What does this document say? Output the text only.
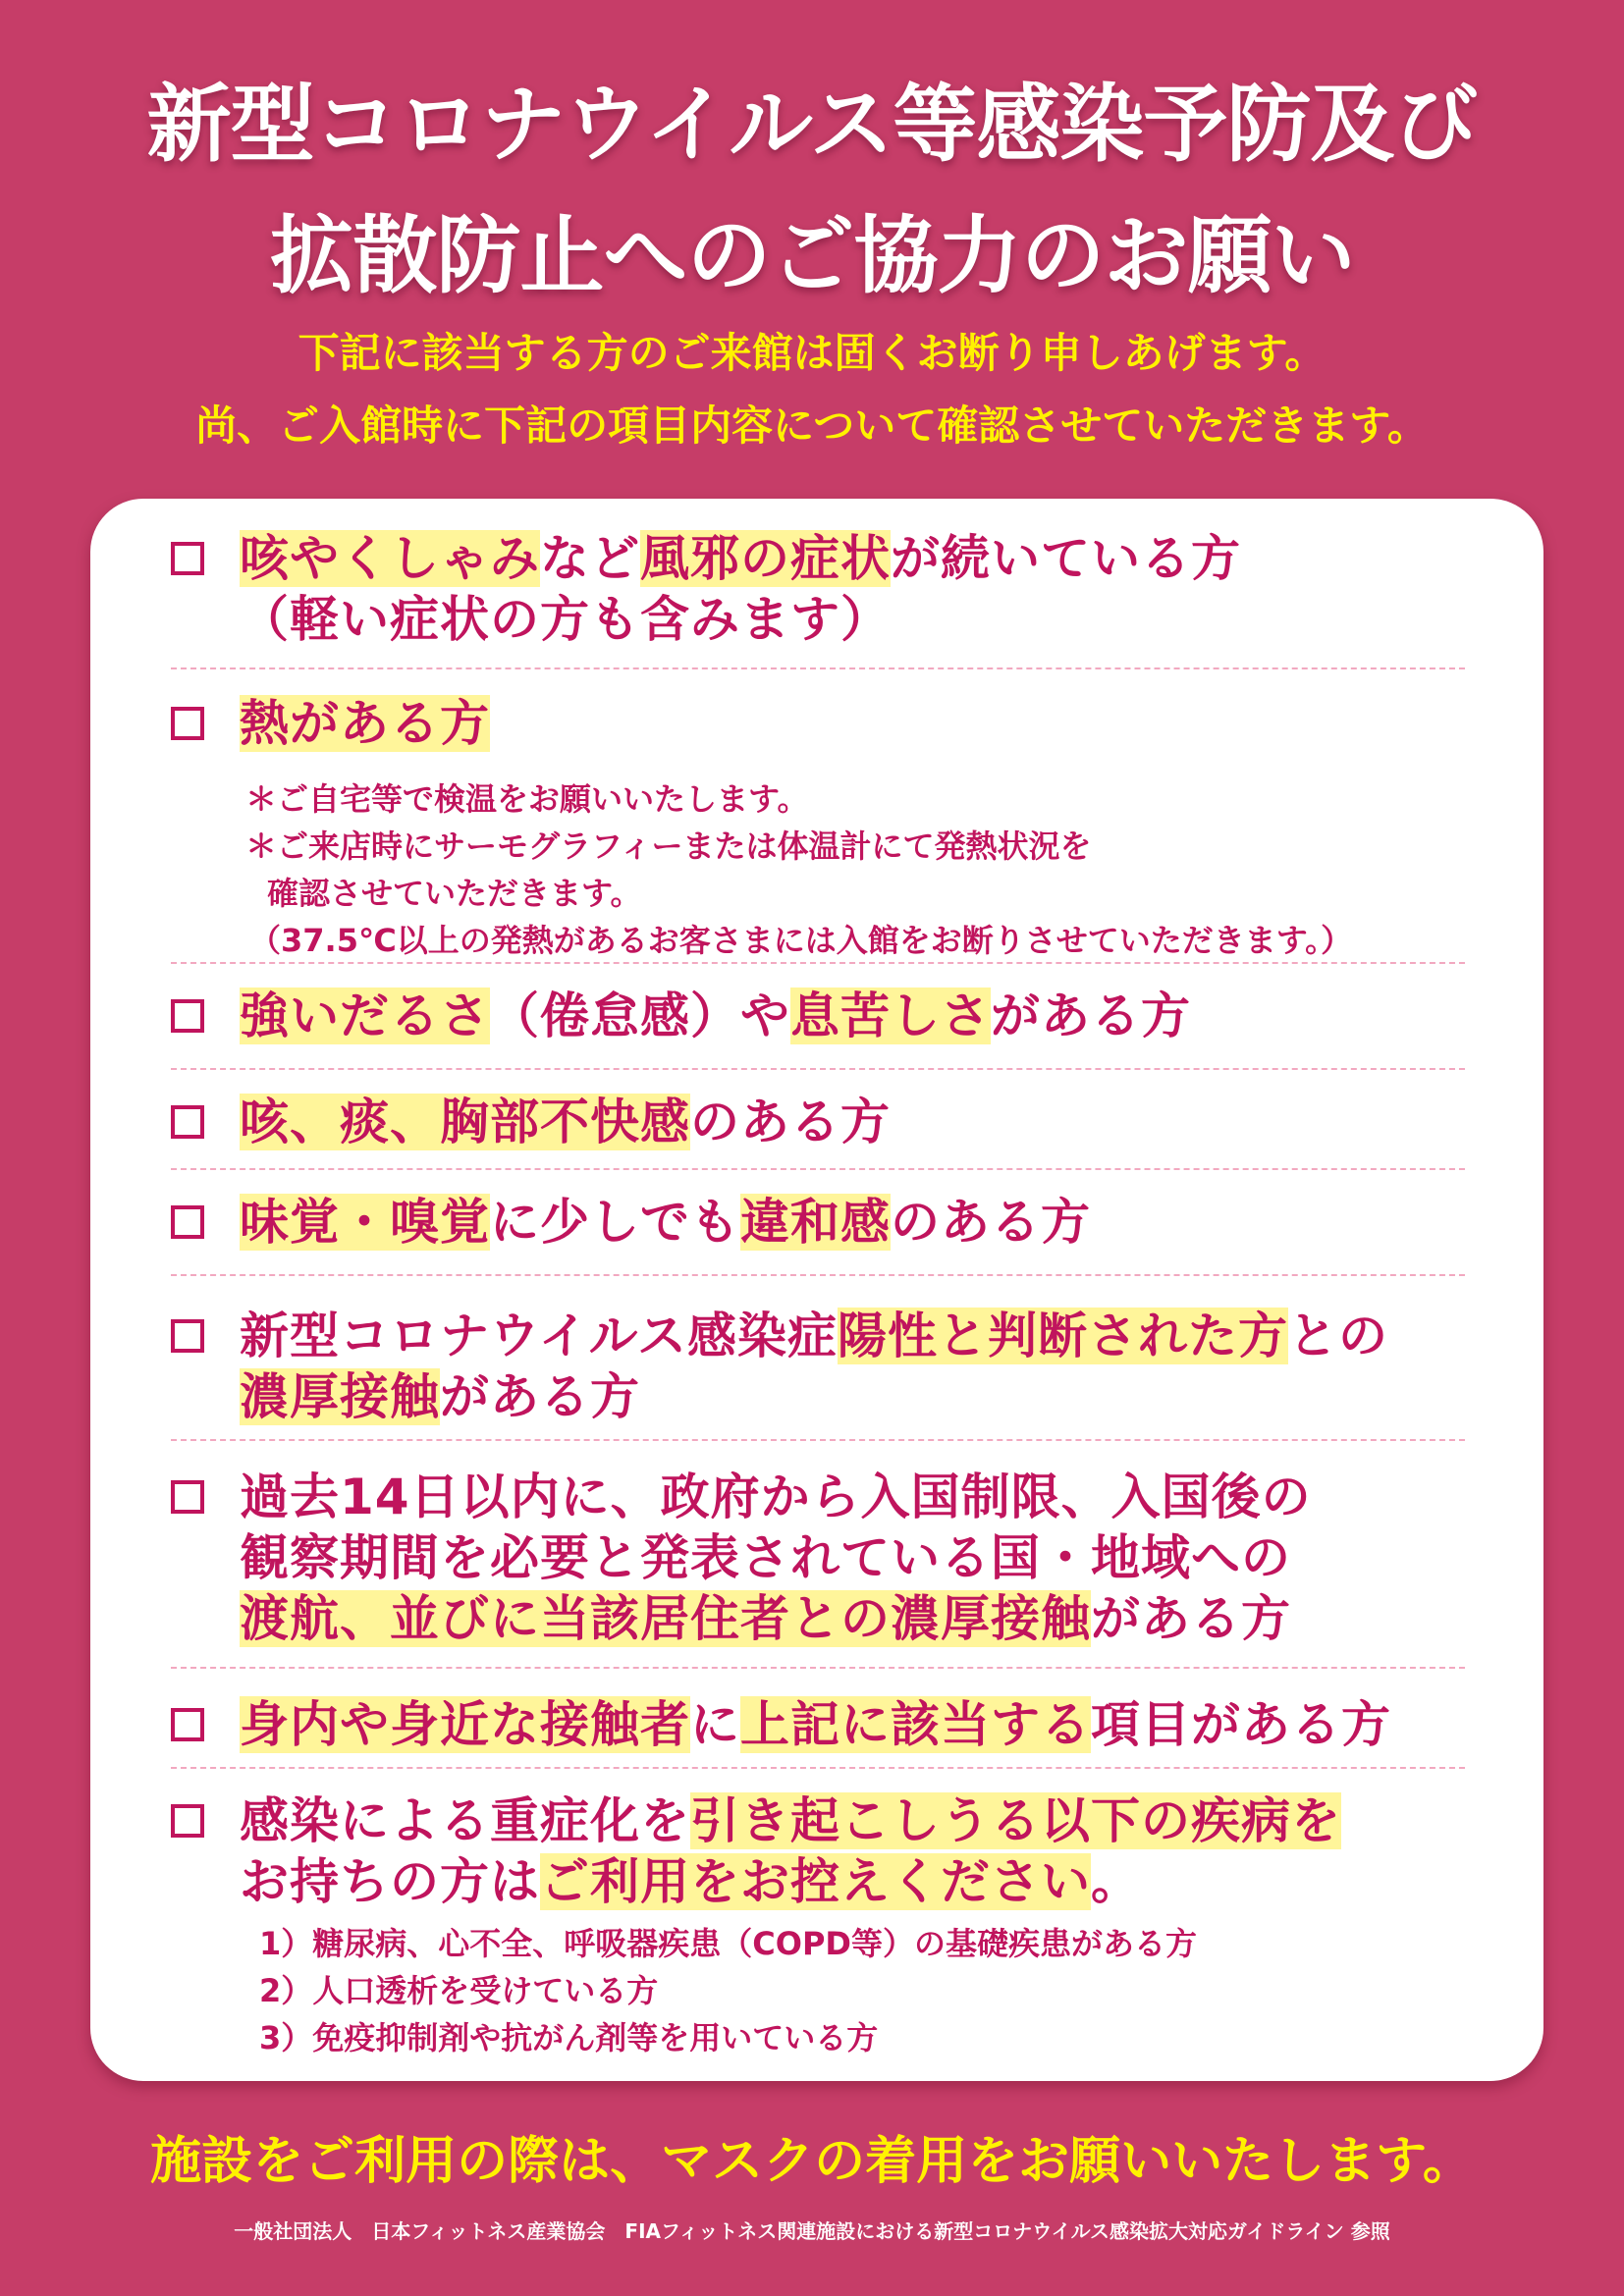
新型コロナウイルス等感染予防及び
拡散防止へのご協力のお願い
下記に該当する方のご来館は固くお断り申しあげます。
尚、ご入館時に下記の項目内容について確認させていただきます。
咳やくしゃみなど風邪の症状が続いている方
（軽い症状の方も含みます）
熱がある方
＊ご自宅等で検温をお願いいたします。
＊ご来店時にサーモグラフィーまたは体温計にて発熱状況を
確認させていただきます。
（37.5℃以上の発熱があるお客さまには入館をお断りさせていただきます。）
強いだるさ（倦怠感）や息苦しさがある方
咳、痰、胸部不快感のある方
味覚・嗅覚に少しでも違和感のある方
新型コロナウイルス感染症陽性と判断された方との
濃厚接触がある方
過去14日以内に、政府から入国制限、入国後の
観察期間を必要と発表されている国・地域への
渡航、並びに当該居住者との濃厚接触がある方
身内や身近な接触者に上記に該当する項目がある方
感染による重症化を引き起こしうる以下の疾病を
お持ちの方はご利用をお控えください。
1）糖尿病、心不全、呼吸器疾患（COPD等）の基礎疾患がある方
2）人口透析を受けている方
3）免疫抑制剤や抗がん剤等を用いている方
施設をご利用の際は、マスクの着用をお願いいたします。
一般社団法人　日本フィットネス産業協会　FIAフィットネス関連施設における新型コロナウイルス感染拡大対応ガイドライン 参照
